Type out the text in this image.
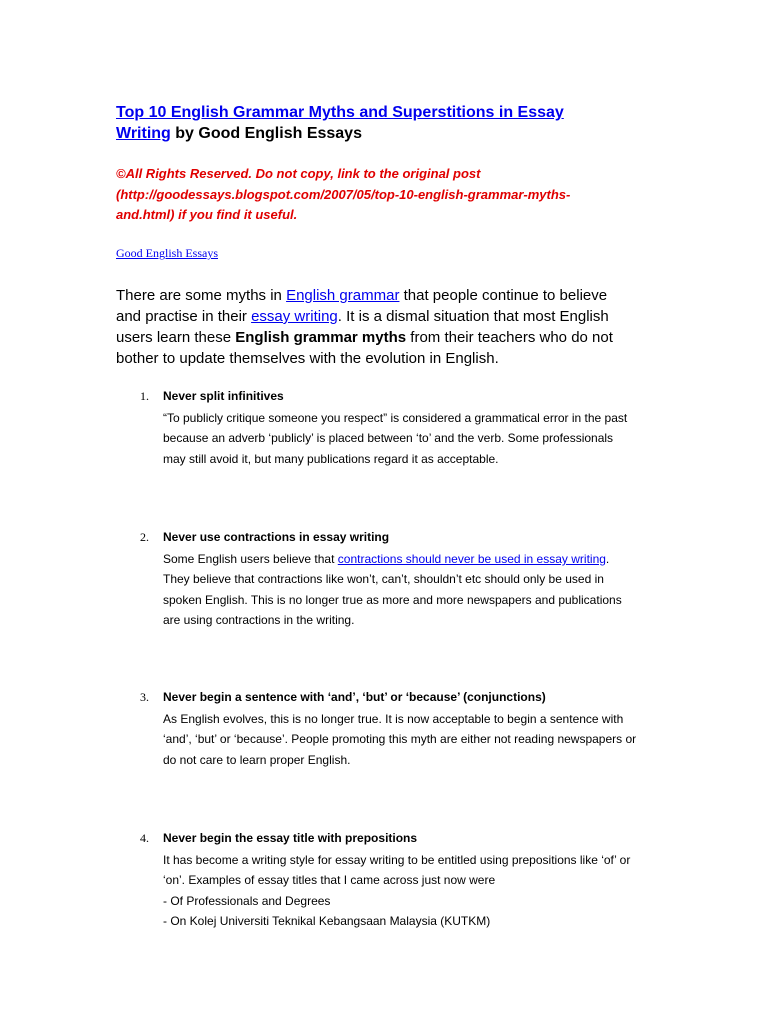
Top 10 English Grammar Myths and Superstitions in Essay
Writing by Good English Essays
©All Rights Reserved. Do not copy, link to the original post
(http://goodessays.blogspot.com/2007/05/top-10-english-grammar-myths-
and.html) if you find it useful.
Good English Essays
There are some myths in English grammar that people continue to believe and practise in their essay writing. It is a dismal situation that most English users learn these English grammar myths from their teachers who do not bother to update themselves with the evolution in English.
1. Never split infinitives
“To publicly critique someone you respect” is considered a grammatical error in the past because an adverb ‘publicly’ is placed between ‘to’ and the verb. Some professionals may still avoid it, but many publications regard it as acceptable.
2. Never use contractions in essay writing
Some English users believe that contractions should never be used in essay writing. They believe that contractions like won’t, can’t, shouldn’t etc should only be used in spoken English. This is no longer true as more and more newspapers and publications are using contractions in the writing.
3. Never begin a sentence with ‘and’, ‘but’ or ‘because’ (conjunctions)
As English evolves, this is no longer true. It is now acceptable to begin a sentence with ‘and’, ‘but’ or ‘because’. People promoting this myth are either not reading newspapers or do not care to learn proper English.
4. Never begin the essay title with prepositions
It has become a writing style for essay writing to be entitled using prepositions like ‘of’ or ‘on’. Examples of essay titles that I came across just now were
- Of Professionals and Degrees
- On Kolej Universiti Teknikal Kebangsaan Malaysia (KUTKM)
